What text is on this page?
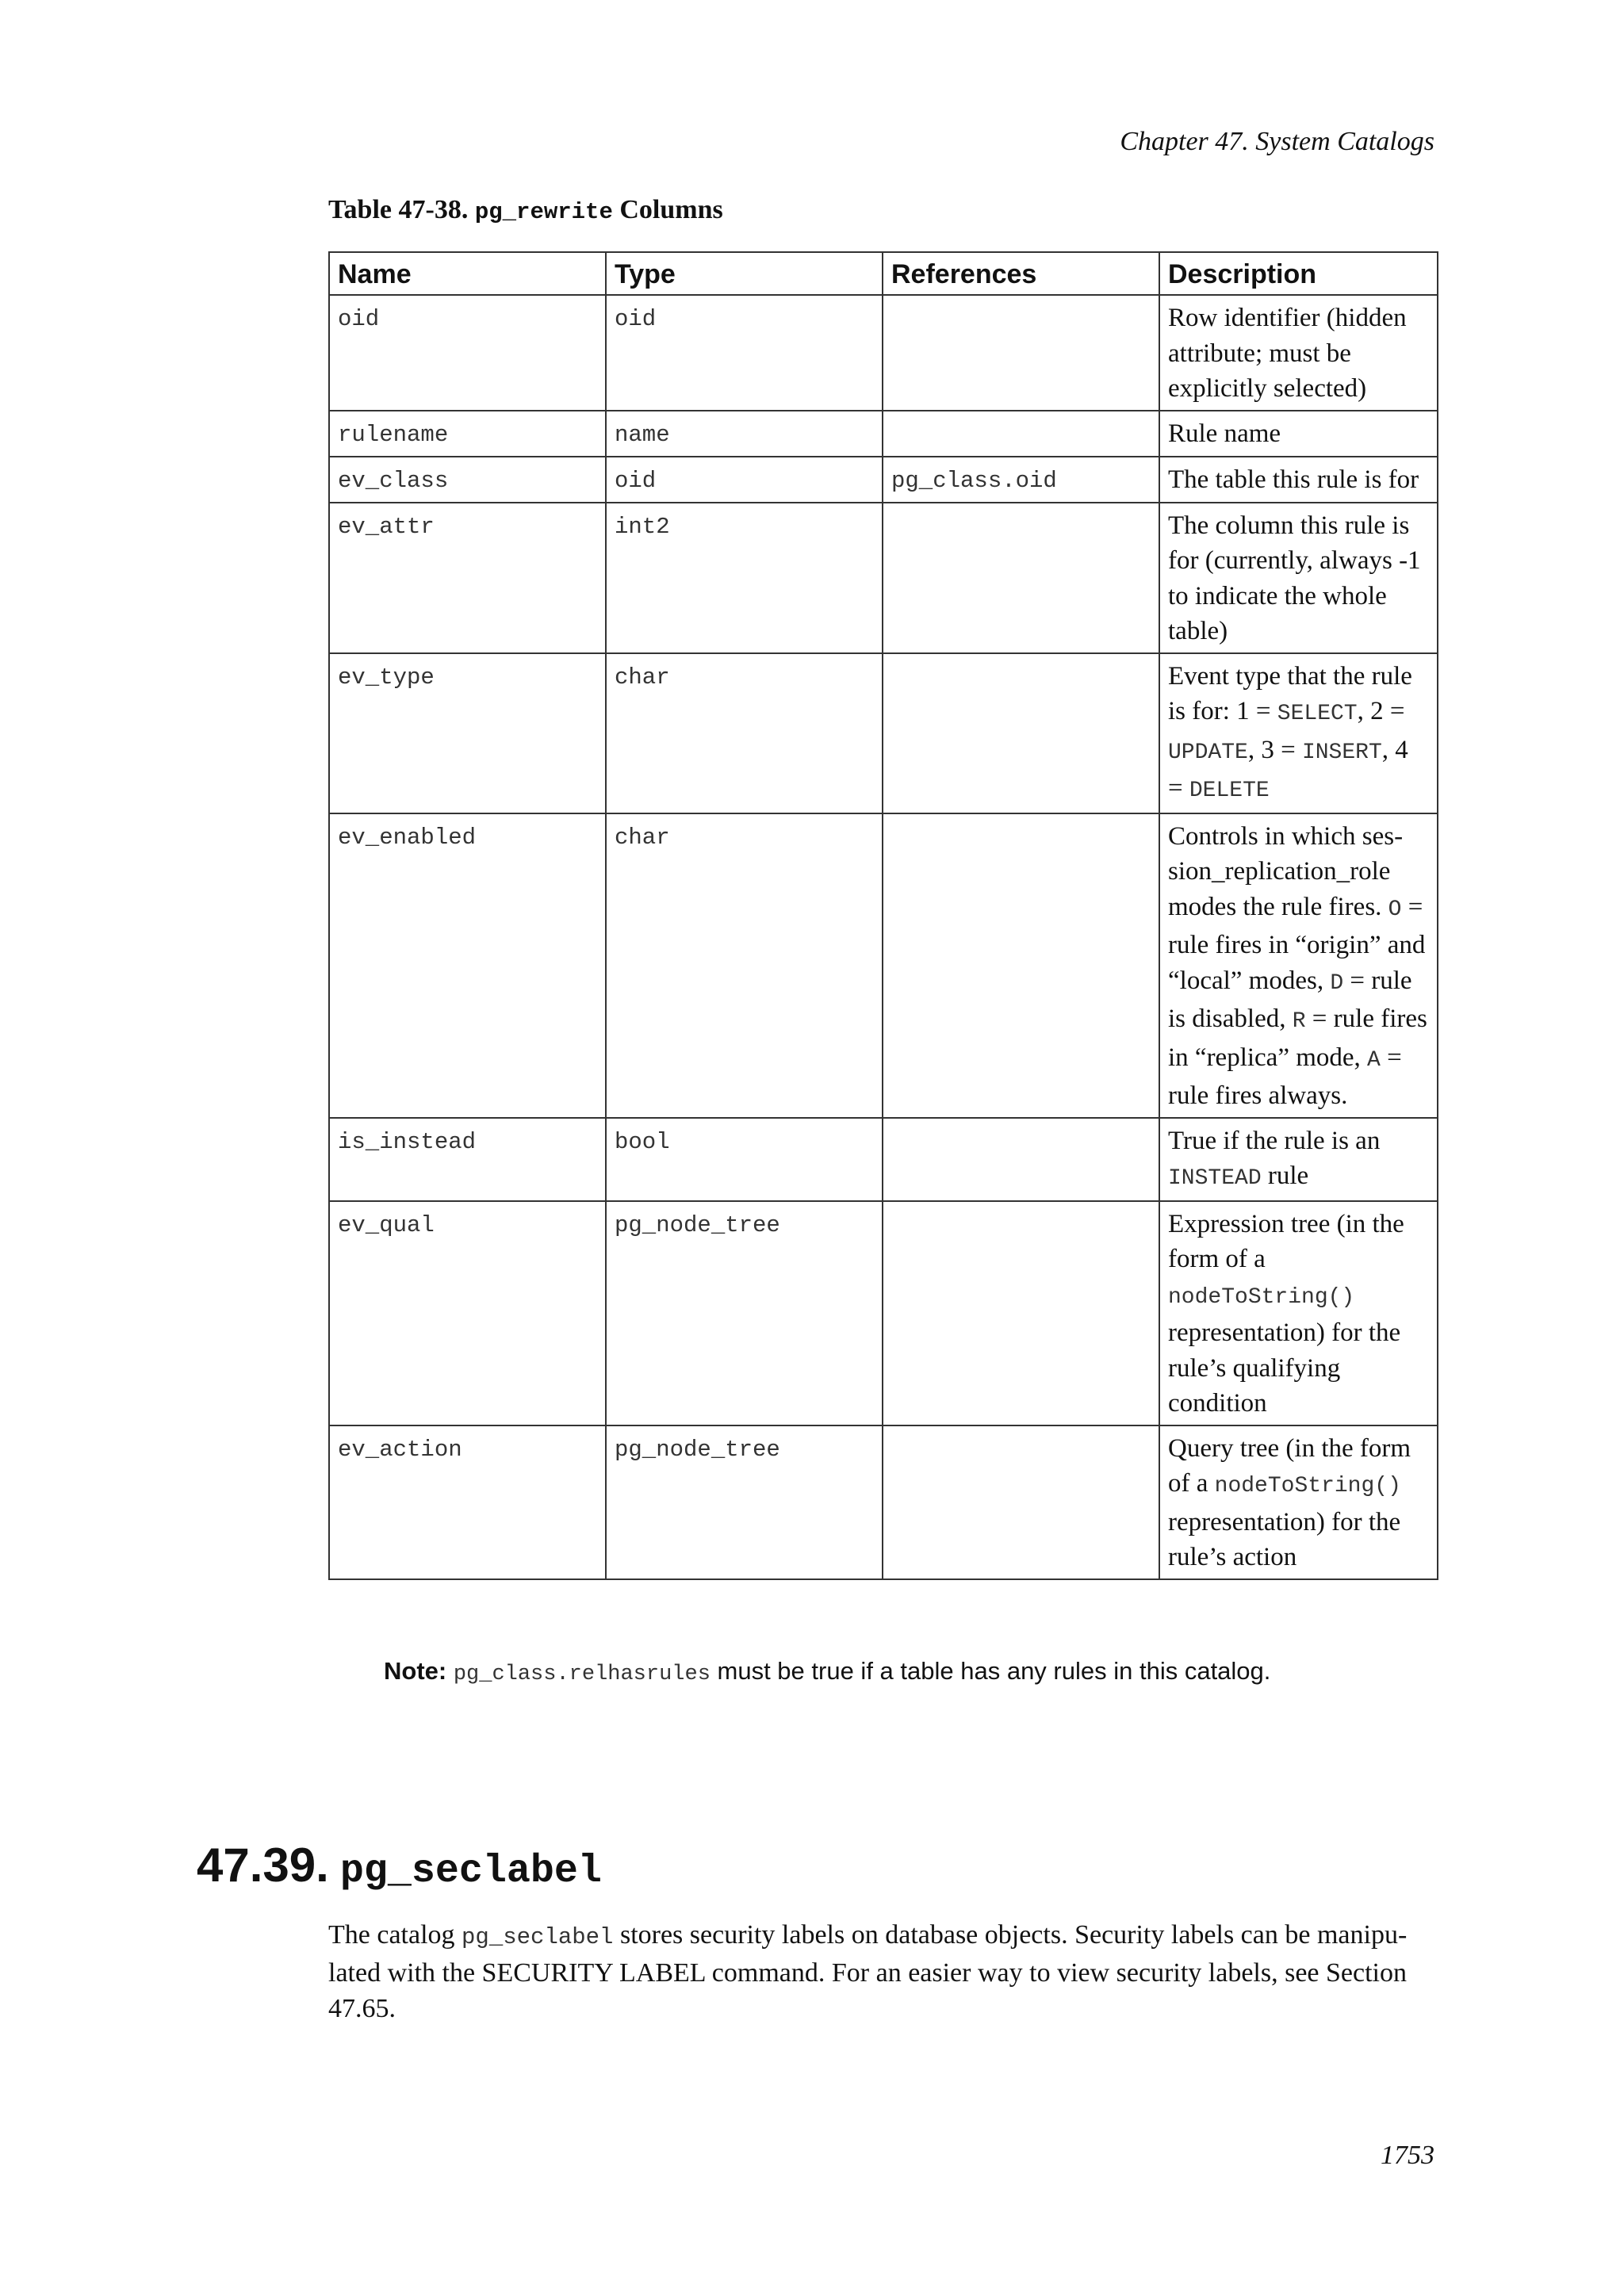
Chapter 47. System Catalogs
Table 47-38. pg_rewrite Columns
Name	Type	References	Description
oid	oid		Row identifier (hidden attribute; must be explicitly selected)
rulename	name		Rule name
ev_class	oid	pg_class.oid	The table this rule is for
ev_attr	int2		The column this rule is for (currently, always -1 to indicate the whole table)
ev_type	char		Event type that the rule is for: 1 = SELECT, 2 = UPDATE, 3 = INSERT, 4 = DELETE
ev_enabled	char		Controls in which session_replication_role modes the rule fires. O = rule fires in “origin” and “local” modes, D = rule is disabled, R = rule fires in “replica” mode, A = rule fires always.
is_instead	bool		True if the rule is an INSTEAD rule
ev_qual	pg_node_tree		Expression tree (in the form of a nodeToString() representation) for the rule’s qualifying condition
ev_action	pg_node_tree		Query tree (in the form of a nodeToString() representation) for the rule’s action
Note: pg_class.relhasrules must be true if a table has any rules in this catalog.
47.39. pg_seclabel
The catalog pg_seclabel stores security labels on database objects. Security labels can be manipulated with the SECURITY LABEL command. For an easier way to view security labels, see Section 47.65.
1753
